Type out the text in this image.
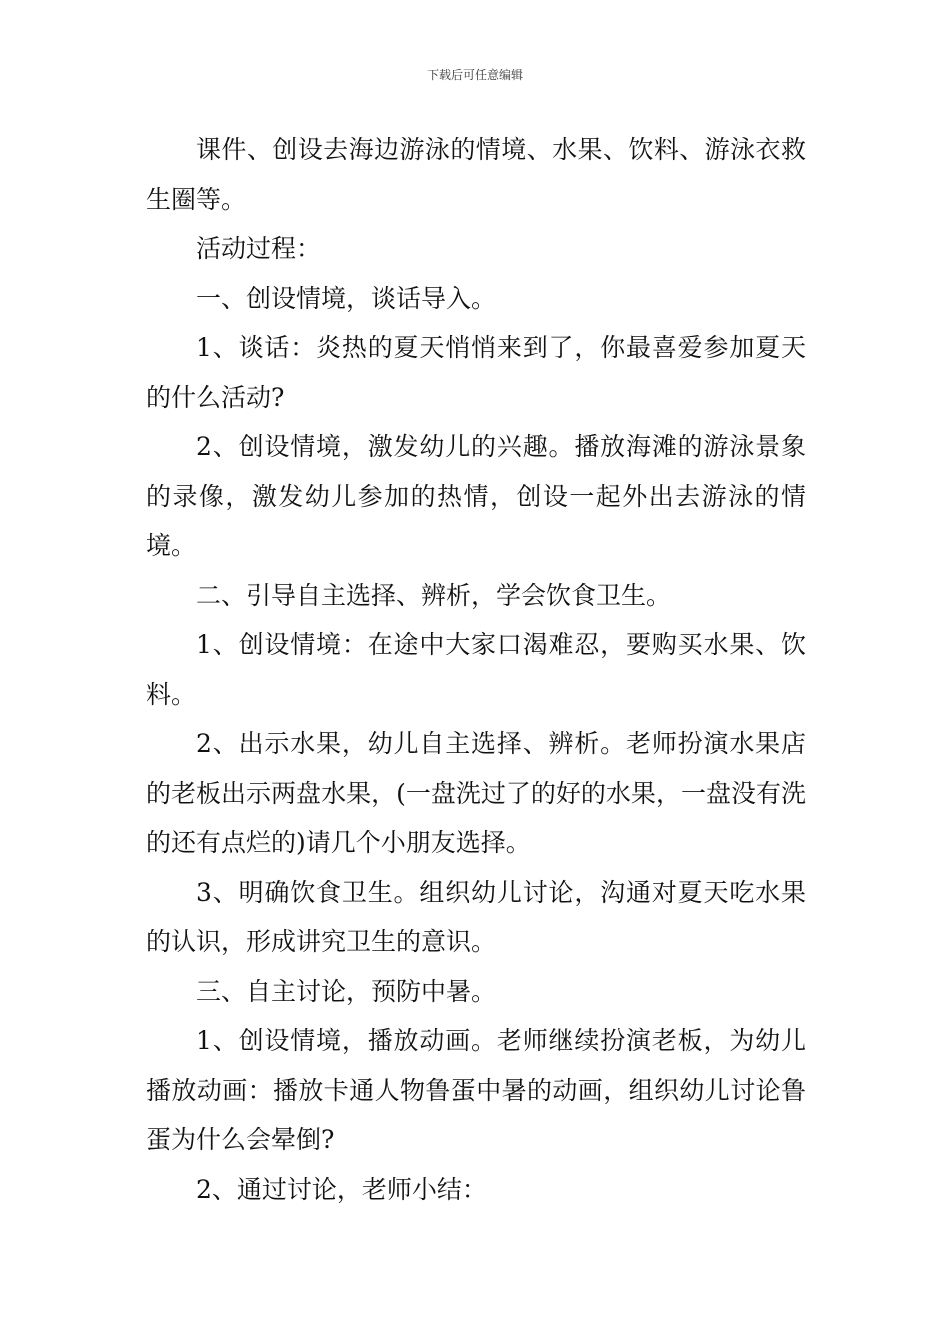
下载后可任意编辑

课件、创设去海边游泳的情境、水果、饮料、游泳衣救生圈等。

活动过程：

一、创设情境，谈话导入。

1、谈话：炎热的夏天悄悄来到了，你最喜爱参加夏天的什么活动?

2、创设情境，激发幼儿的兴趣。播放海滩的游泳景象的录像，激发幼儿参加的热情，创设一起外出去游泳的情境。

二、引导自主选择、辨析，学会饮食卫生。

1、创设情境：在途中大家口渴难忍，要购买水果、饮料。

2、出示水果，幼儿自主选择、辨析。老师扮演水果店的老板出示两盘水果，(一盘洗过了的好的水果，一盘没有洗的还有点烂的)请几个小朋友选择。

3、明确饮食卫生。组织幼儿讨论，沟通对夏天吃水果的认识，形成讲究卫生的意识。

三、自主讨论，预防中暑。

1、创设情境，播放动画。老师继续扮演老板，为幼儿播放动画：播放卡通人物鲁蛋中暑的动画，组织幼儿讨论鲁蛋为什么会晕倒?

2、通过讨论，老师小结：
